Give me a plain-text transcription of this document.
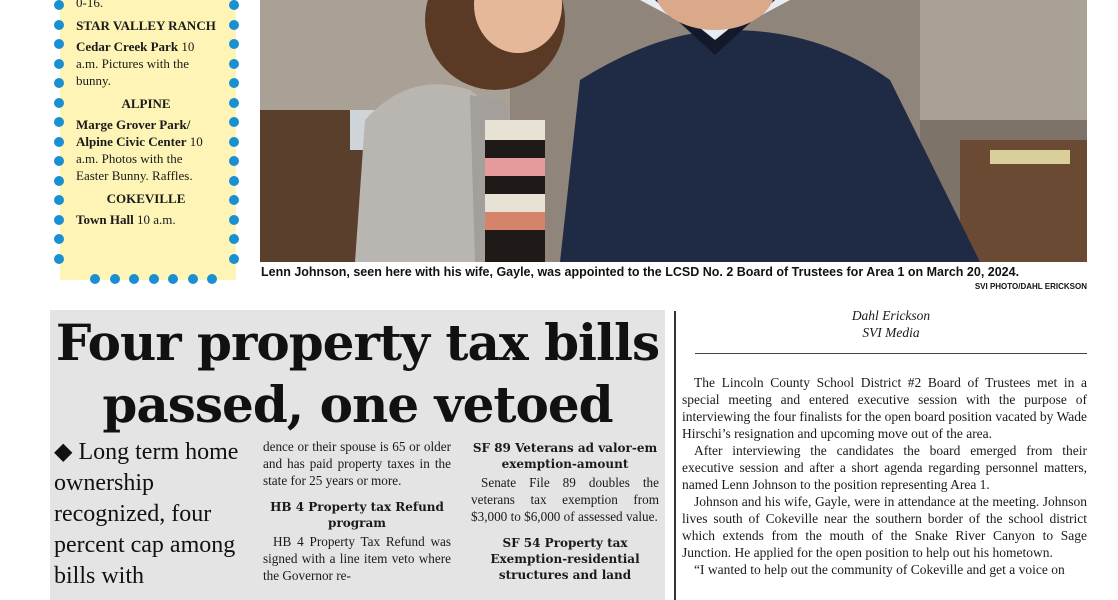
0-16.

STAR VALLEY RANCH

Cedar Creek Park 10 a.m. Pictures with the bunny.

ALPINE

Marge Grover Park/ Alpine Civic Center 10 a.m. Photos with the Easter Bunny. Raffles.

COKEVILLE

Town Hall 10 a.m.

Lenn Johnson, seen here with his wife, Gayle, was appointed to the LCSD No. 2 Board of Trustees for Area 1 on March 20, 2024.
SVI PHOTO/DAHL ERICKSON
Four property tax bills passed, one vetoed
◆ Long term home ownership recognized, four percent cap among bills with

dence or their spouse is 65 or older and has paid property taxes in the state for 25 years or more.

HB 4 Property tax Refund program

HB 4 Property Tax Refund was signed with a line item veto where the Governor re-

SF 89 Veterans ad valor-em exemption-amount

Senate File 89 doubles the veterans tax exemption from $3,000 to $6,000 of assessed value.

SF 54 Property tax Exemption-residential structures and land
Dahl Erickson
SVI Media

The Lincoln County School District #2 Board of Trustees met in a special meeting and entered executive session with the purpose of interviewing the four finalists for the open board position vacated by Wade Hirschi’s resignation and upcoming move out of the area.

After interviewing the candidates the board emerged from their executive session and after a short agenda regarding personnel matters, named Lenn Johnson to the position representing Area 1.

Johnson and his wife, Gayle, were in attendance at the meeting. Johnson lives south of Cokeville near the southern border of the school district which extends from the mouth of the Snake River Canyon to Sage Junction. He applied for the open position to help out his hometown.

“I wanted to help out the community of Cokeville and get a voice on
